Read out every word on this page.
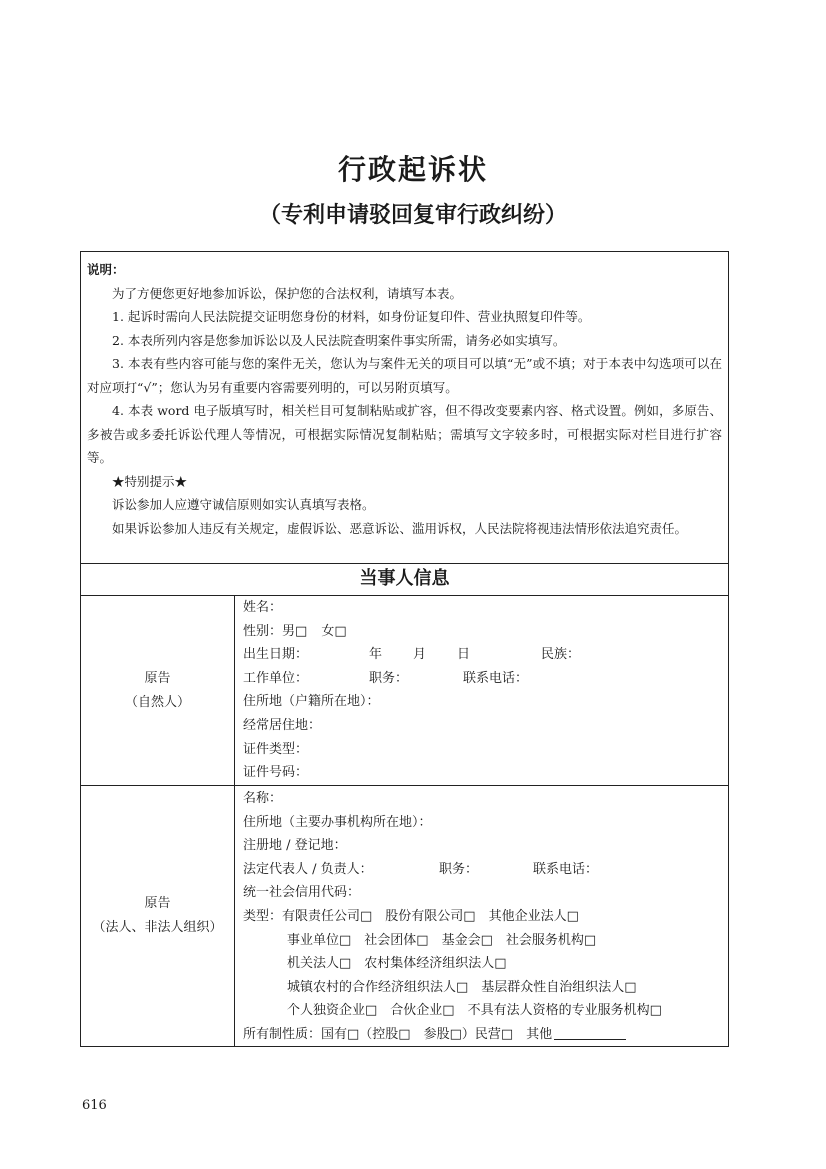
行政起诉状
（专利申请驳回复审行政纠纷）
说明：

为了方便您更好地参加诉讼，保护您的合法权利，请填写本表。

1. 起诉时需向人民法院提交证明您身份的材料，如身份证复印件、营业执照复印件等。

2. 本表所列内容是您参加诉讼以及人民法院查明案件事实所需，请务必如实填写。

3. 本表有些内容可能与您的案件无关，您认为与案件无关的项目可以填“无”或不填；对于本表中勾选项可以在对应项打“√”；您认为另有重要内容需要列明的，可以另附页填写。

4. 本表 word 电子版填写时，相关栏目可复制粘贴或扩容，但不得改变要素内容、格式设置。例如，多原告、多被告或多委托诉讼代理人等情况，可根据实际情况复制粘贴；需填写文字较多时，可根据实际对栏目进行扩容等。

★特别提示★

诉讼参加人应遵守诚信原则如实认真填写表格。

如果诉讼参加人违反有关规定，虚假诉讼、恶意诉讼、滥用诉权，人民法院将视违法情形依法追究责任。

当事人信息
原告
（自然人）
姓名：
性别：男□ 女□
出生日期：	年 月 日	民族：
工作单位：	职务：	联系电话：
住所地（户籍所在地）：
经常居住地：
证件类型：
证件号码：
原告
（法人、非法人组织）
名称：
住所地（主要办事机构所在地）：
注册地 / 登记地：
法定代表人 / 负责人：	职务：	联系电话：
统一社会信用代码：
类型：有限责任公司□　股份有限公司□　其他企业法人□
事业单位□　社会团体□　基金会□　社会服务机构□
机关法人□　农村集体经济组织法人□
城镇农村的合作经济组织法人□　基层群众性自治组织法人□
个人独资企业□　合伙企业□　不具有法人资格的专业服务机构□
所有制性质：国有□（控股□　参股□）民营□　其他
616
